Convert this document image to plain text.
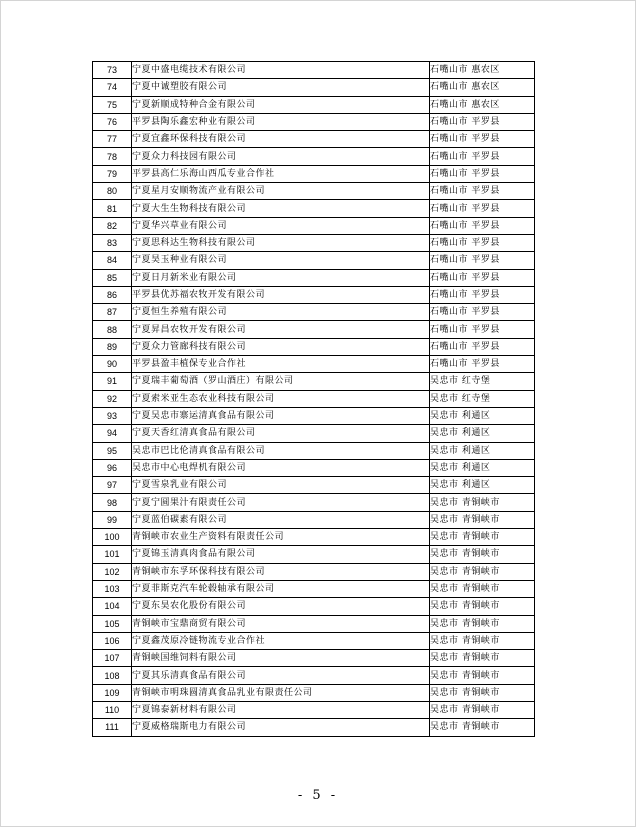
73	宁夏中盛电缆技术有限公司	石嘴山市 惠农区
74	宁夏中诚塑胶有限公司	石嘴山市 惠农区
75	宁夏新顺成特种合金有限公司	石嘴山市 惠农区
76	平罗县陶乐鑫宏种业有限公司	石嘴山市 平罗县
77	宁夏宜鑫环保科技有限公司	石嘴山市 平罗县
78	宁夏众力科技园有限公司	石嘴山市 平罗县
79	平罗县高仁乐海山西瓜专业合作社	石嘴山市 平罗县
80	宁夏星月安顺物流产业有限公司	石嘴山市 平罗县
81	宁夏大生生物科技有限公司	石嘴山市 平罗县
82	宁夏华兴草业有限公司	石嘴山市 平罗县
83	宁夏思科达生物科技有限公司	石嘴山市 平罗县
84	宁夏昊玉种业有限公司	石嘴山市 平罗县
85	宁夏日月新米业有限公司	石嘴山市 平罗县
86	平罗县优苏福农牧开发有限公司	石嘴山市 平罗县
87	宁夏恒生养殖有限公司	石嘴山市 平罗县
88	宁夏昇昌农牧开发有限公司	石嘴山市 平罗县
89	宁夏众力管廊科技有限公司	石嘴山市 平罗县
90	平罗县盈丰植保专业合作社	石嘴山市 平罗县
91	宁夏瑞丰葡萄酒（罗山酒庄）有限公司	吴忠市 红寺堡
92	宁夏索米亚生态农业科技有限公司	吴忠市 红寺堡
93	宁夏吴忠市寨运清真食品有限公司	吴忠市 利通区
94	宁夏天香红清真食品有限公司	吴忠市 利通区
95	吴忠市巴比伦清真食品有限公司	吴忠市 利通区
96	吴忠市中心电焊机有限公司	吴忠市 利通区
97	宁夏雪泉乳业有限公司	吴忠市 利通区
98	宁夏宁圆果汁有限责任公司	吴忠市 青铜峡市
99	宁夏蓝伯碳素有限公司	吴忠市 青铜峡市
100	青铜峡市农业生产资料有限责任公司	吴忠市 青铜峡市
101	宁夏锦玉清真肉食品有限公司	吴忠市 青铜峡市
102	青铜峡市东孚环保科技有限公司	吴忠市 青铜峡市
103	宁夏菲斯克汽车轮毂轴承有限公司	吴忠市 青铜峡市
104	宁夏东昊农化股份有限公司	吴忠市 青铜峡市
105	青铜峡市宝鼎商贸有限公司	吴忠市 青铜峡市
106	宁夏鑫茂原冷链物流专业合作社	吴忠市 青铜峡市
107	青铜峡国维饲料有限公司	吴忠市 青铜峡市
108	宁夏其乐清真食品有限公司	吴忠市 青铜峡市
109	青铜峡市明珠圆清真食品乳业有限责任公司	吴忠市 青铜峡市
110	宁夏锦泰新材料有限公司	吴忠市 青铜峡市
111	宁夏威格瑞斯电力有限公司	吴忠市 青铜峡市
- 5 -
